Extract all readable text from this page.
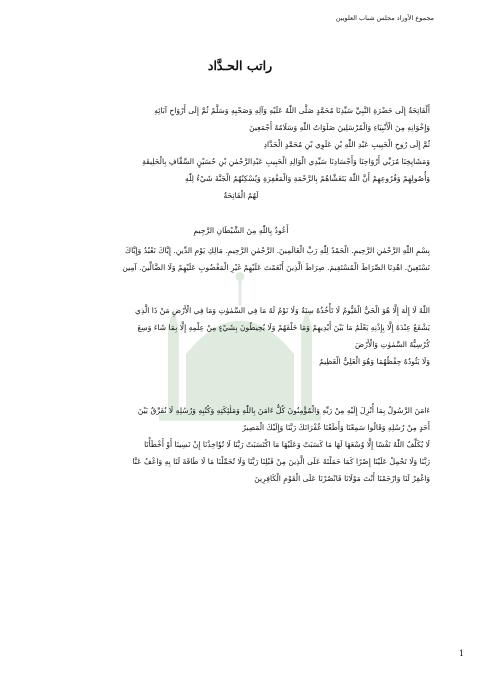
مجموع الأوراد مجلس شباب العلويين
راتب الحـدَّاد
أَلْفَاتِحَةُ إِلَى حَضْرَةِ النَّبِيِّ سَيِّدِنَا مُحَمَّدٍ صَلَّى اللّٰهُ عَلَيْهِ وَآلِهِ وَصَحْبِهِ وَسَلَّمْ ثُمَّ إِلَى أَرْوَاحِ آبَائِهِ
وَإِخْوَانِهِ مِنَ الْأَنْبِيَاءِ وَالْمُرْسَلِينَ صَلَوَاتُ اللّٰهِ وَسَلَامُهُ أَجْمَعِينَ
ثُمَّ إِلَى رُوحِ الْحَبِيبِ عَبْدِ اللّٰهِ بْنِ عَلَوِي بْنِ مُحَمَّدٍ الْحَدَّادِ
وَمَشَايِخِنَا مُرَبِّي أَرْوَاحِنَا وَأَجْسَادِنَا سَيِّدِي الْوَالِدِ الْحَبِيبِ عَبْدِالرَّحْمٰنِ بْنِ حُسَيْنٍ السَّقَّافِ بِالْحَلِيقَةِ
وَأُصُولِهِمْ وَفُرُوعِهِمْ أَنَّ اللّٰهَ يَتَغَشَّاهُمْ بِالرَّحْمَةِ وَالْمَغْفِرَةِ وَيُسْكِنُهُمُ الْجَنَّةَ شَيْءٌ لِلّٰهِ
لَهُمُ الْفَاتِحَةُ
أَعُوذُ بِاللّٰهِ مِنَ الشَّيْطَانِ الرَّجِيمِ
بِسْمِ اللّٰهِ الرَّحْمٰنِ الرَّحِيمِ. الْحَمْدُ لِلّٰهِ رَبِّ الْعَالَمِينَ. الرَّحْمٰنِ الرَّحِيمِ. مَالِكِ يَوْمِ الدِّينِ. إِيَّاكَ نَعْبُدُ وَإِيَّاكَ
نَسْتَعِينُ. اهْدِنَا الصِّرَاطَ الْمُسْتَقِيمَ. صِرَاطَ الَّذِينَ أَنْعَمْتَ عَلَيْهِمْ غَيْرِ الْمَغْضُوبِ عَلَيْهِمْ وَلَا الضَّالِّينَ. آمِين
اللّٰهُ لَا إِلٰهَ إِلَّا هُوَ الْحَيُّ الْقَيُّومُ لَا تَأْخُذُهُ سِنَةٌ وَلَا نَوْمٌ لَهُ مَا فِي السَّمٰوٰتِ وَمَا فِي الْأَرْضِ مَنْ ذَا الَّذِي
يَشْفَعُ عِنْدَهُ إِلَّا بِإِذْنِهِ يَعْلَمُ مَا بَيْنَ أَيْدِيهِمْ وَمَا خَلْفَهُمْ وَلَا يُحِيطُونَ بِشَيْءٍ مِنْ عِلْمِهِ إِلَّا بِمَا شَاءَ وَسِعَ
كُرْسِيُّهُ السَّمٰوٰتِ وَالْأَرْضَ
وَلَا يَئُودُهُ حِفْظُهُمَا وَهُوَ الْعَلِيُّ الْعَظِيمُ
ءَامَنَ الرَّسُولُ بِمَا أُنْزِلَ إِلَيْهِ مِنْ رَبِّهِ وَالْمُؤْمِنُونَ كُلٌّ ءَامَنَ بِاللّٰهِ وَمَلٰئِكَتِهِ وَكُتُبِهِ وَرُسُلِهِ لَا نُفَرِّقُ بَيْنَ
أَحَدٍ مِنْ رُسُلِهِ وَقَالُوا سَمِعْنَا وَأَطَعْنَا غُفْرَانَكَ رَبَّنَا وَإِلَيْكَ الْمَصِيرُ
لَا يُكَلِّفُ اللّٰهُ نَفْسًا إِلَّا وُسْعَهَا لَهَا مَا كَسَبَتْ وَعَلَيْهَا مَا اكْتَسَبَتْ رَبَّنَا لَا تُؤَاخِذْنَا إِنْ نَسِينَا أَوْ أَخْطَأْنَا
رَبَّنَا وَلَا تَحْمِلْ عَلَيْنَا إِصْرًا كَمَا حَمَلْتَهُ عَلَى الَّذِينَ مِنْ قَبْلِنَا رَبَّنَا وَلَا تُحَمِّلْنَا مَا لَا طَاقَةَ لَنَا بِهِ وَاعْفُ عَنَّا
وَاغْفِرْ لَنَا وَارْحَمْنَا أَنْتَ مَوْلَانَا فَانْصُرْنَا عَلَى الْقَوْمِ الْكَافِرِينَ
1
